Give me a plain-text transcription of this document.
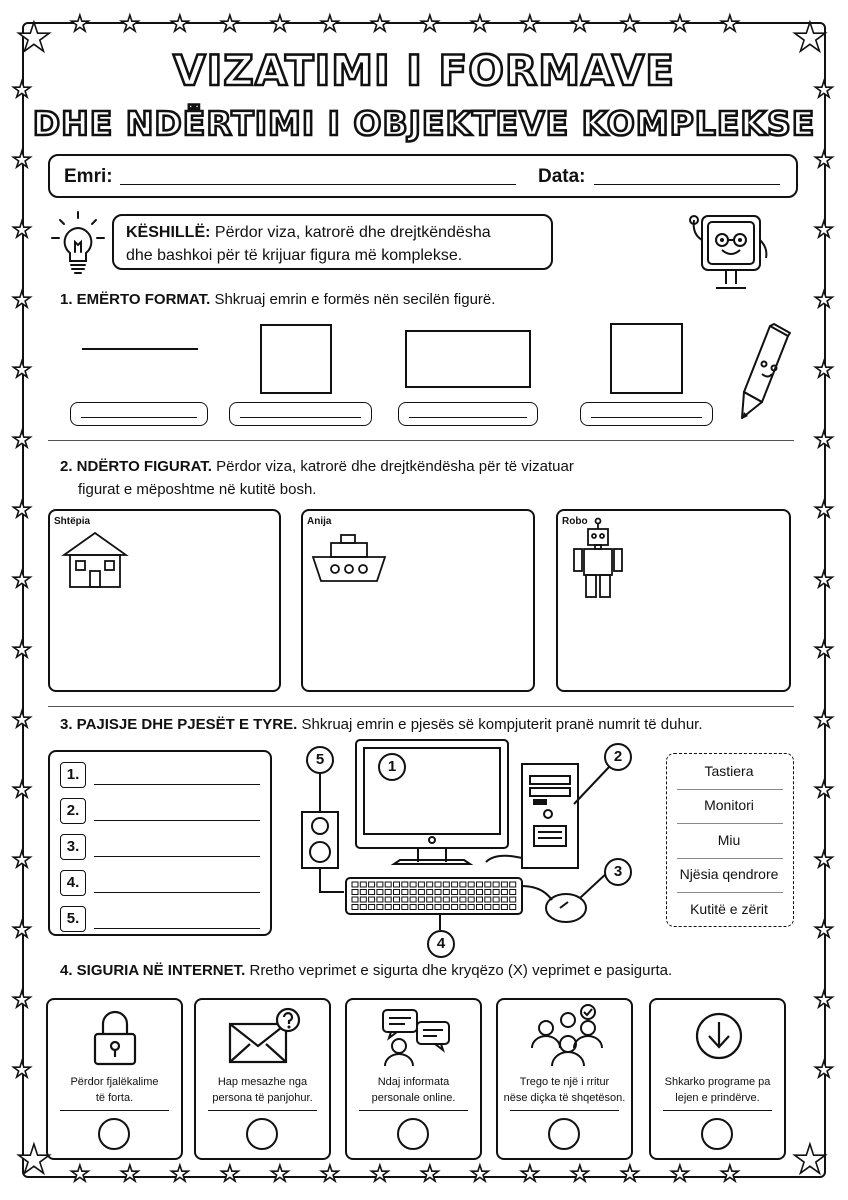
★	★
★	★
★
★
★
★
★
★
★
★
★
★
★
★
★
★
★
★
★
★
★
★
★
★
★
★
★
★
★
★
★	★
★	★
★	★
★	★
★	★
★	★
★	★
★	★
★	★
★	★
★	★
★	★
★	★
★	★
★	★
VIZATIMI I FORMAVE
DHE NDËRTIMI I OBJEKTEVE KOMPLEKSE
Emri:	Data:
KËSHILLË: Përdor viza, katrorë dhe drejtkëndësha
dhe bashkoi për të krijuar figura më komplekse.
1. EMËRTO FORMAT. Shkruaj emrin e formës nën secilën figurë.
2. NDËRTO FIGURAT. Përdor viza, katrorë dhe drejtkëndësha për të vizatuar
figurat e mëposhtme në kutitë bosh.
Shtëpia	Anija	Robo
3. PAJISJE DHE PJESËT E TYRE. Shkruaj emrin e pjesës së kompjuterit pranë numrit të duhur.
1.
2.
3.
4.
5.
5	1
2
3
4
Tastiera
Monitori
Miu
Njësia qendrore
Kutitë e zërit
4. SIGURIA NË INTERNET. Rretho veprimet e sigurta dhe kryqëzo (X) veprimet e pasigurta.
Përdor fjalëkalime
të forta.
Hap mesazhe nga
persona të panjohur.
Ndaj informata
personale online.
Trego te një i rritur
nëse diçka të shqetëson.
Shkarko programe pa
lejen e prindërve.
